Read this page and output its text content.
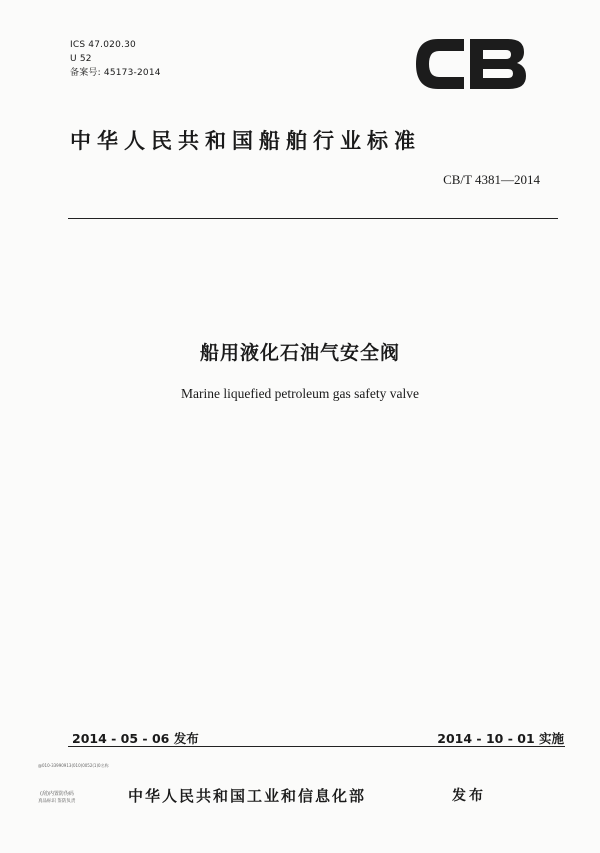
ICS 47.020.30
U 52
备案号: 45173-2014
中华人民共和国船舶行业标准
CB/T 4381—2014
船用液化石油气安全阀
Marine liquefied petroleum gas safety valve
2014 - 05 - 06 发布	2014 - 10 - 01 实施
@010-33990913(010)0052(1)0名称
(刮)内置防伪码
真品标识 鉴防负责	中华人民共和国工业和信息化部	发布
